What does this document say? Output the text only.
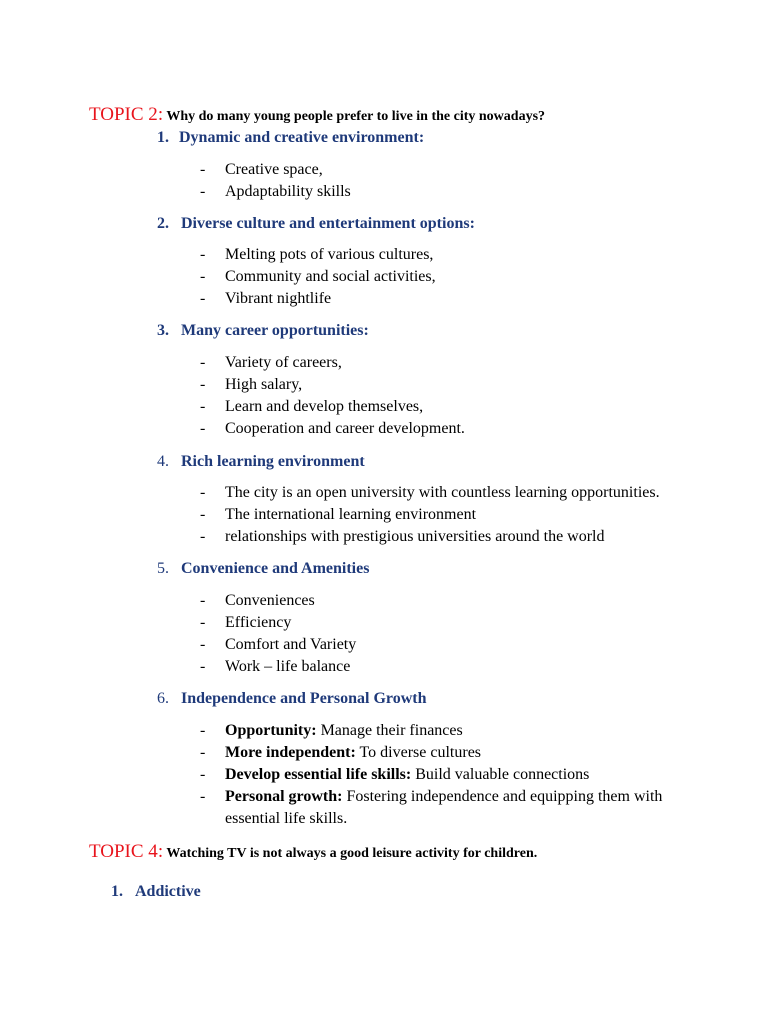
TOPIC 2: Why do many young people prefer to live in the city nowadays?
1. Dynamic and creative environment:
- Creative space,
- Apdaptability skills
2. Diverse culture and entertainment options:
- Melting pots of various cultures,
- Community and social activities,
- Vibrant nightlife
3. Many career opportunities:
- Variety of careers,
- High salary,
- Learn and develop themselves,
- Cooperation and career development.
4. Rich learning environment
- The city is an open university with countless learning opportunities.
- The international learning environment
- relationships with prestigious universities around the world
5. Convenience and Amenities
- Conveniences
- Efficiency
- Comfort and Variety
- Work – life balance
6. Independence and Personal Growth
- Opportunity: Manage their finances
- More independent: To diverse cultures
- Develop essential life skills: Build valuable connections
- Personal growth: Fostering independence and equipping them with essential life skills.
TOPIC 4: Watching TV is not always a good leisure activity for children.
1. Addictive
